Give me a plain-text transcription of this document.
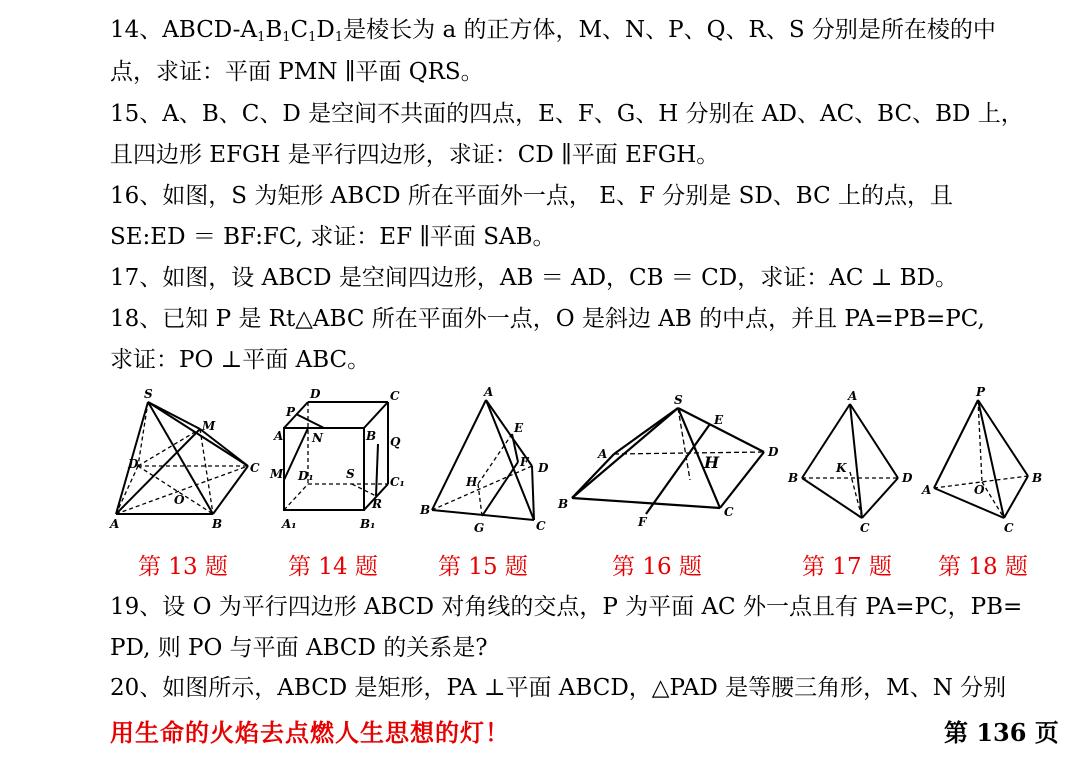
14、ABCD-$A_1B_1C_1D_1$是棱长为 a 的正方体，M、N、P、Q、R、S 分别是所在棱的中
点，求证：平面 PMN ∥平面 QRS。
15、A、B、C、D 是空间不共面的四点，E、F、G、H 分别在 AD、AC、BC、BD 上，
且四边形 EFGH 是平行四边形，求证：CD ∥平面 EFGH。
16、如图，S 为矩形 ABCD 所在平面外一点， E、F 分别是 SD、BC 上的点，且
SE:ED ＝ BF:FC, 求证：EF ∥平面 SAB。
17、如图，设 ABCD 是空间四边形，AB ＝ AD，CB ＝ CD，求证：AC ⊥ BD。
18、已知 P 是 Rt△ABC 所在平面外一点，O 是斜边 AB 的中点，并且 PA=PB=PC,
求证：PO ⊥平面 ABC。
S
M
D	C
O
A	B
D	C
P
B
A N	Q
M D₁	S
C₁
R
A₁	B₁
A
E
F
H
D
B
G	C
S
E
A	H
D
B
C
F
A
K
B	D
C
P
A	O
B
C
第 13 题	第 14 题	第 15 题	第 16 题	第 17 题 第 18 题
19、设 O 为平行四边形 ABCD 对角线的交点，P 为平面 AC 外一点且有 PA=PC，PB=
PD, 则 PO 与平面 ABCD 的关系是?
20、如图所示，ABCD 是矩形，PA ⊥平面 ABCD，△PAD 是等腰三角形，M、N 分别
用生命的火焰去点燃人生思想的灯！	第 136 页
